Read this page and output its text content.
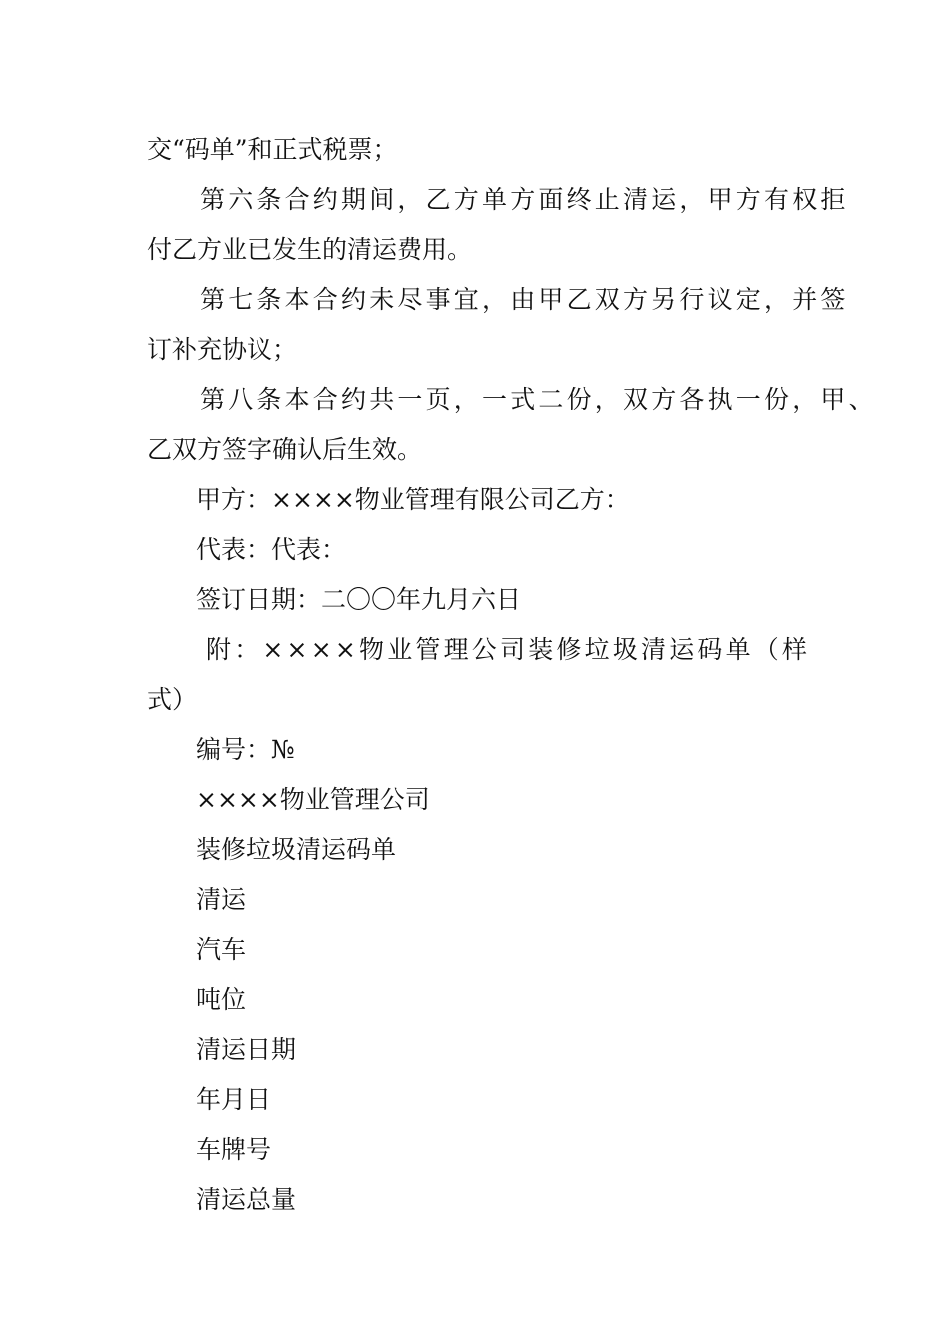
交“码单”和正式税票；
第六条合约期间，乙方单方面终止清运，甲方有权拒
付乙方业已发生的清运费用。
第七条本合约未尽事宜，由甲乙双方另行议定，并签
订补充协议；
第八条本合约共一页，一式二份，双方各执一份，甲、
乙双方签字确认后生效。
甲方：××××物业管理有限公司乙方：
代表：代表：
签订日期：二〇〇年九月六日
附：××××物业管理公司装修垃圾清运码单（样
式）
编号：№
××××物业管理公司
装修垃圾清运码单
清运
汽车
吨位
清运日期
年月日
车牌号
清运总量
